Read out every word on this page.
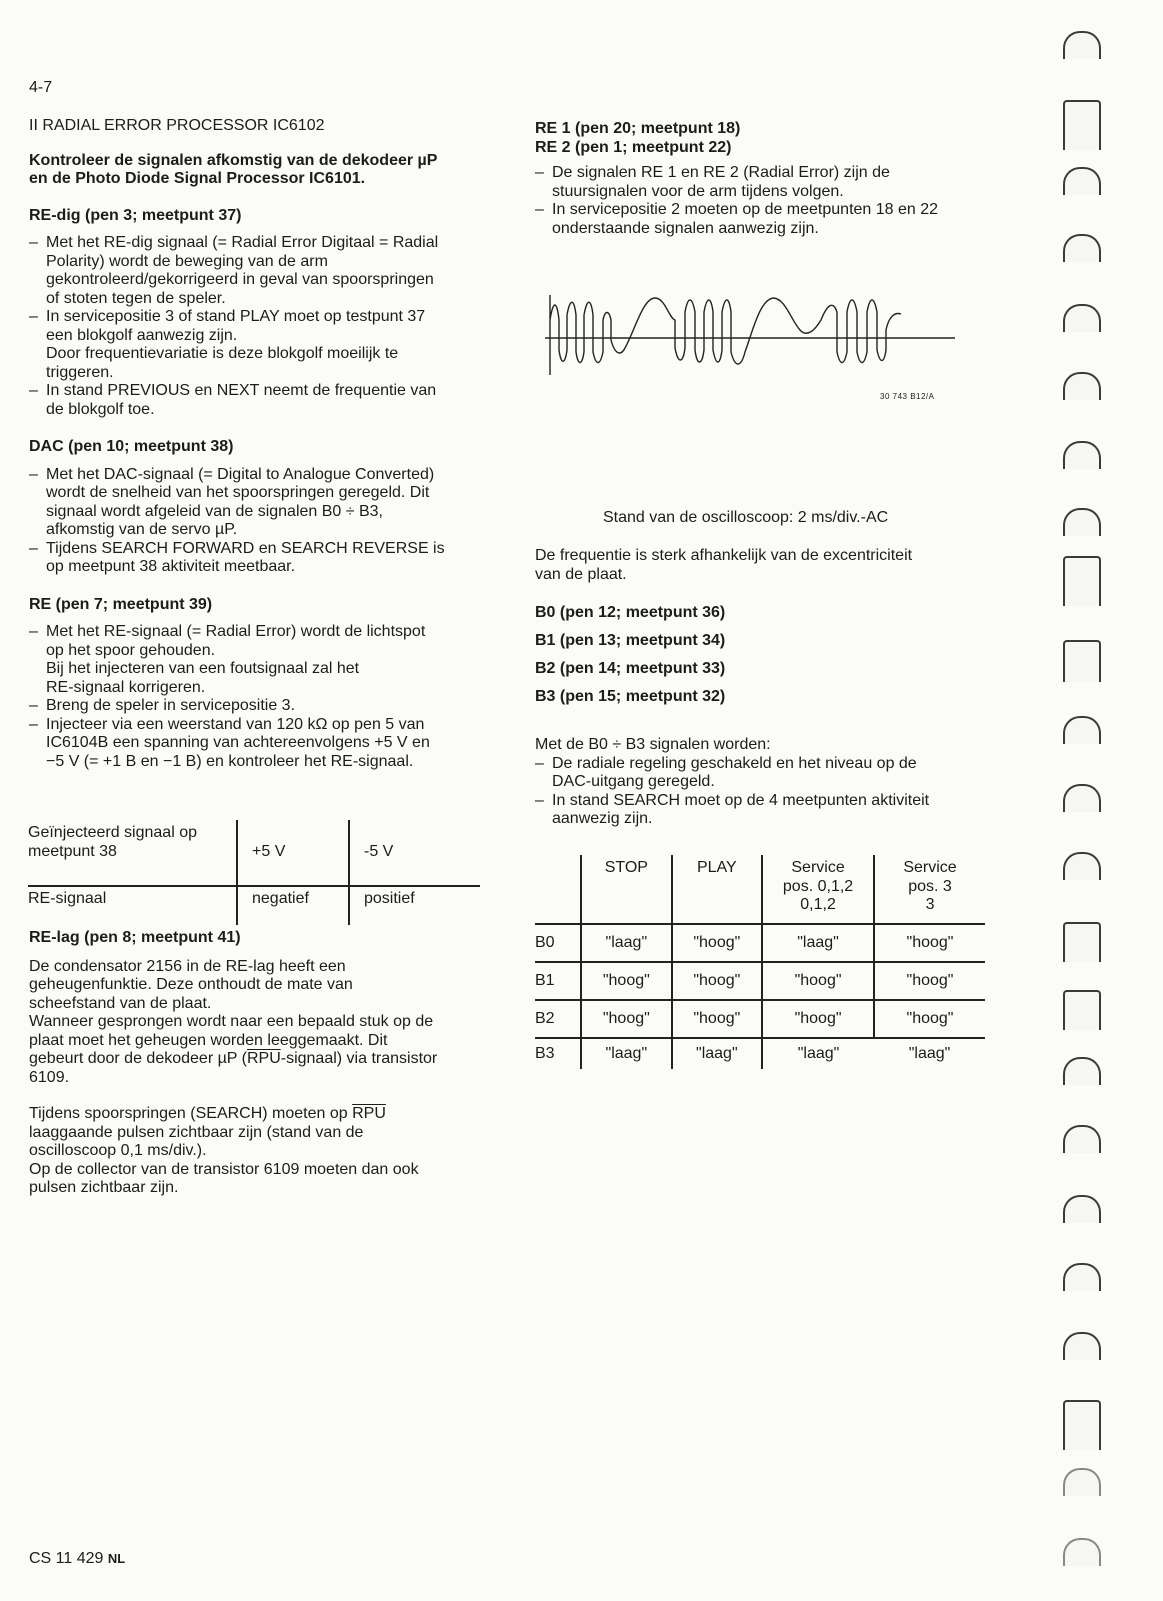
4-7

II RADIAL ERROR PROCESSOR IC6102

Kontroleer de signalen afkomstig van de dekodeer µP

en de Photo Diode Signal Processor IC6101.

RE-dig (pen 3; meetpunt 37)

– Met het RE-dig signaal (= Radial Error Digitaal = Radial
Polarity) wordt de beweging van de arm
gekontroleerd/gekorrigeerd in geval van spoorspringen
of stoten tegen de speler.
– In servicepositie 3 of stand PLAY moet op testpunt 37
een blokgolf aanwezig zijn.
Door frequentievariatie is deze blokgolf moeilijk te
triggeren.
– In stand PREVIOUS en NEXT neemt de frequentie van
de blokgolf toe.

DAC (pen 10; meetpunt 38)

– Met het DAC-signaal (= Digital to Analogue Converted)
wordt de snelheid van het spoorspringen geregeld. Dit
signaal wordt afgeleid van de signalen B0 ÷ B3,
afkomstig van de servo µP.
– Tijdens SEARCH FORWARD en SEARCH REVERSE is
op meetpunt 38 aktiviteit meetbaar.

RE (pen 7; meetpunt 39)

– Met het RE-signaal (= Radial Error) wordt de lichtspot
op het spoor gehouden.
Bij het injecteren van een foutsignaal zal het
RE-signaal korrigeren.
– Breng de speler in servicepositie 3.
– Injecteer via een weerstand van 120 kΩ op pen 5 van
IC6104B een spanning van achtereenvolgens +5 V en
−5 V (= +1 B en −1 B) en kontroleer het RE-signaal.
Geïnjecteerd signaal op
meetpunt 38	+5 V	-5 V
RE-signaal	negatief	positief

RE-lag (pen 8; meetpunt 41)

De condensator 2156 in de RE-lag heeft een

geheugenfunktie. Deze onthoudt de mate van

scheefstand van de plaat.

Wanneer gesprongen wordt naar een bepaald stuk op de

plaat moet het geheugen worden leeggemaakt. Dit

gebeurt door de dekodeer µP $(\overline{RPU}-signaal)$ via transistor

6109.

Tijdens spoorspringen (SEARCH) moeten op $\overline{RPU}$

laaggaande pulsen zichtbaar zijn (stand van de

oscilloscoop 0,1 ms/div.).

Op de collector van de transistor 6109 moeten dan ook

pulsen zichtbaar zijn.

RE 1 (pen 20; meetpunt 18)

RE 2 (pen 1; meetpunt 22)

– De signalen RE 1 en RE 2 (Radial Error) zijn de
stuursignalen voor de arm tijdens volgen.
– In servicepositie 2 moeten op de meetpunten 18 en 22
onderstaande signalen aanwezig zijn.
30 743 B12/A
Stand van de oscilloscoop: 2 ms/div.-AC

De frequentie is sterk afhankelijk van de excentriciteit

van de plaat.

B0 (pen 12; meetpunt 36)

B1 (pen 13; meetpunt 34)

B2 (pen 14; meetpunt 33)

B3 (pen 15; meetpunt 32)

Met de B0 ÷ B3 signalen worden:

– De radiale regeling geschakeld en het niveau op de
DAC-uitgang geregeld.
– In stand SEARCH moet op de 4 meetpunten aktiviteit
aanwezig zijn.
	STOP	PLAY	Service
pos. 0,1,2
0,1,2	Service
pos. 3
3

B0	"laag"	"hoog"	"laag"	"hoog"
B1	"hoog"	"hoog"	"hoog"	"hoog"
B2	"hoog"	"hoog"	"hoog"	"hoog"
B3	"laag"	"laag"	"laag"	"laag"
CS 11 429 NL
